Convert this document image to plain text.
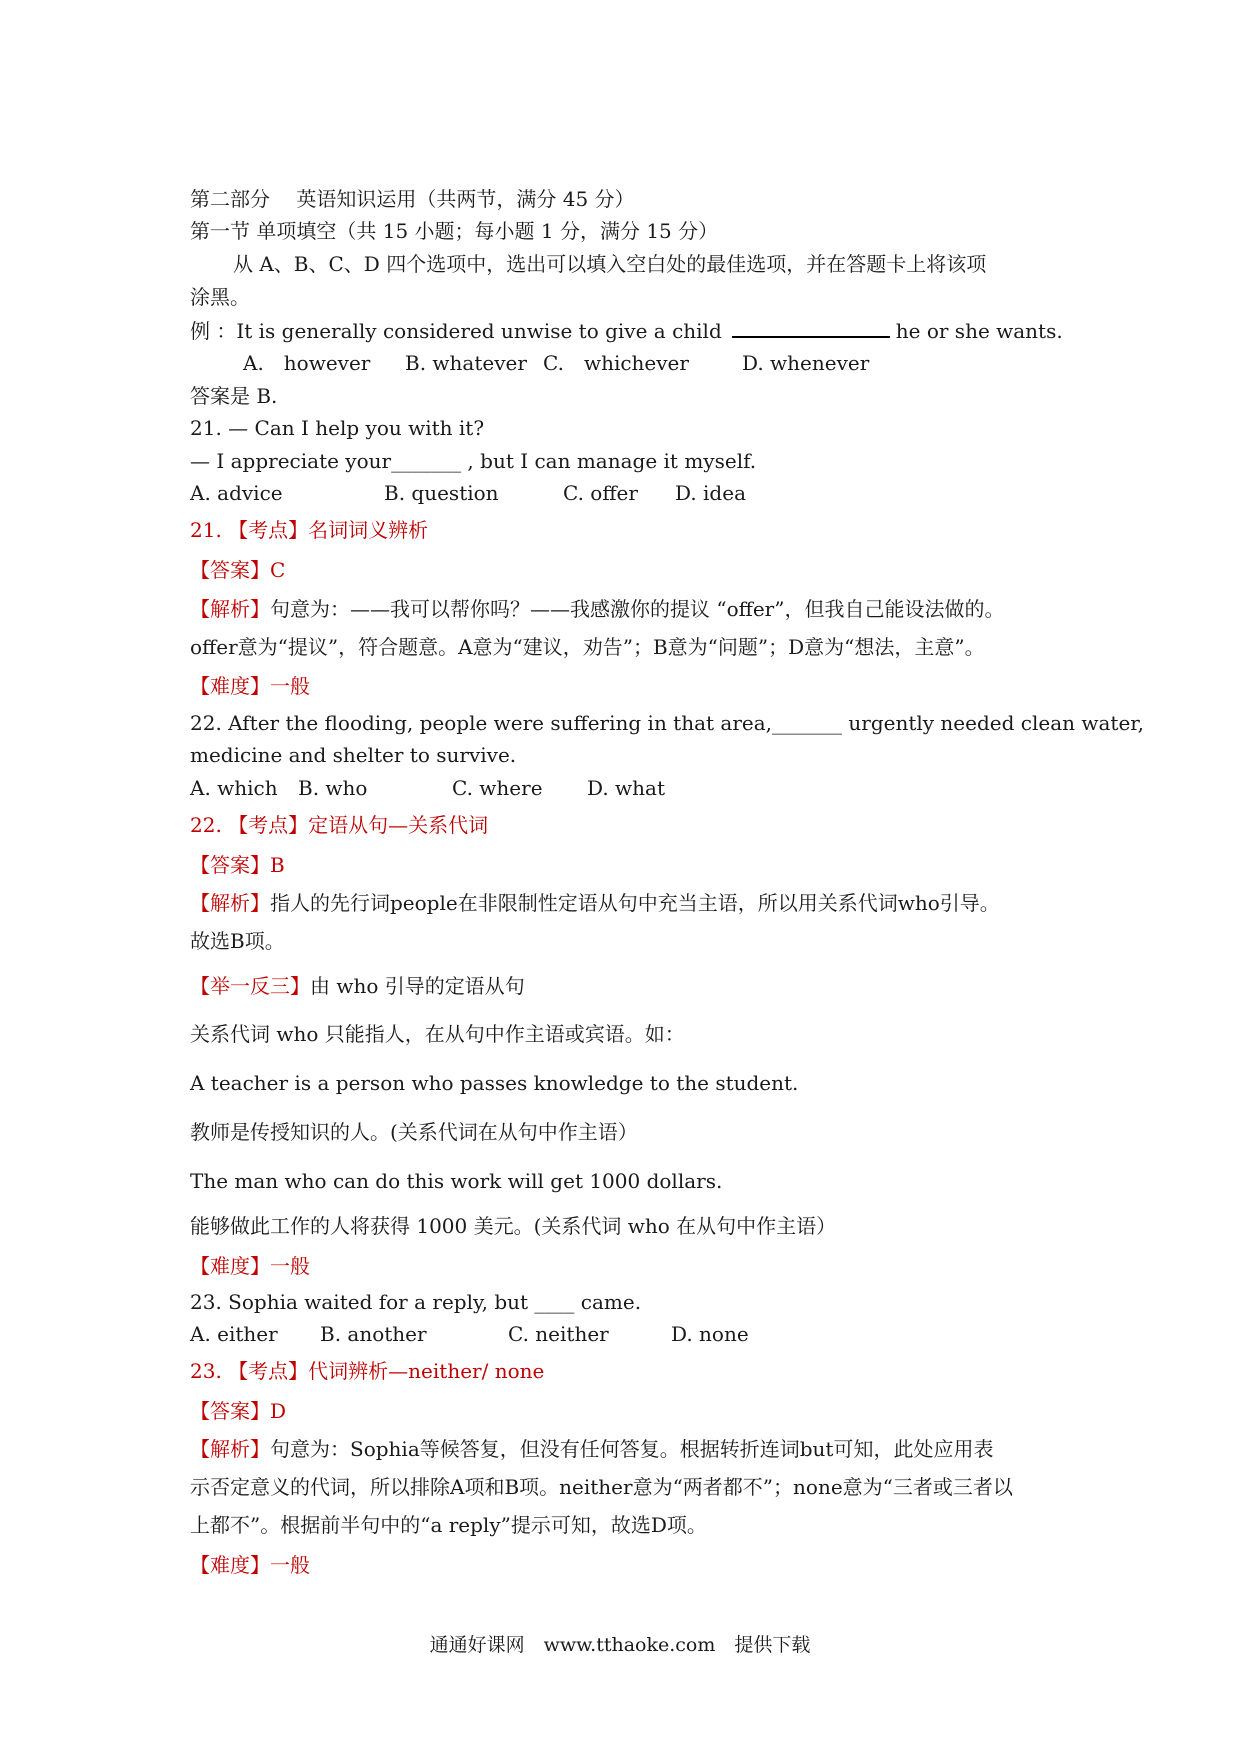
第二部分　 英语知识运用（共两节，满分 45 分）
第一节 单项填空（共 15 小题；每小题 1 分，满分 15 分）
从 A、B、C、D 四个选项中，选出可以填入空白处的最佳选项，并在答题卡上将该项
涂黑。
例 ：It is generally considered unwise to give a child	he or she wants.
A.　however B. whatever C.　whichever	D. whenever
答案是 B.
21. — Can I help you with it?
— I appreciate your_______ , but I can manage it myself.
A. advice	B. question	C. offer D. idea
21. 【考点】名词词义辨析
【答案】C
【解析】句意为：——我可以帮你吗？——我感激你的提议 “offer”，但我自己能设法做的。
offer意为“提议”，符合题意。A意为“建议，劝告”；B意为“问题”；D意为“想法，主意”。
【难度】一般
22. After the flooding, people were suffering in that area,_______ urgently needed clean water,
medicine and shelter to survive.
A. which B. who	C. where D. what
22. 【考点】定语从句—关系代词
【答案】B
【解析】指人的先行词people在非限制性定语从句中充当主语，所以用关系代词who引导。
故选B项。
【举一反三】由 who 引导的定语从句
关系代词 who 只能指人，在从句中作主语或宾语。如：
A teacher is a person who passes knowledge to the student.
教师是传授知识的人。(关系代词在从句中作主语）
The man who can do this work will get 1000 dollars.
能够做此工作的人将获得 1000 美元。(关系代词 who 在从句中作主语）
【难度】一般
23. Sophia waited for a reply, but ____ came.
A. either B. another	C. neither	D. none
23. 【考点】代词辨析—neither/ none
【答案】D
【解析】句意为：Sophia等候答复，但没有任何答复。根据转折连词but可知，此处应用表
示否定意义的代词，所以排除A项和B项。neither意为“两者都不”；none意为“三者或三者以
上都不”。根据前半句中的“a reply”提示可知，故选D项。
【难度】一般
通通好课网　www.tthaoke.com　提供下载
